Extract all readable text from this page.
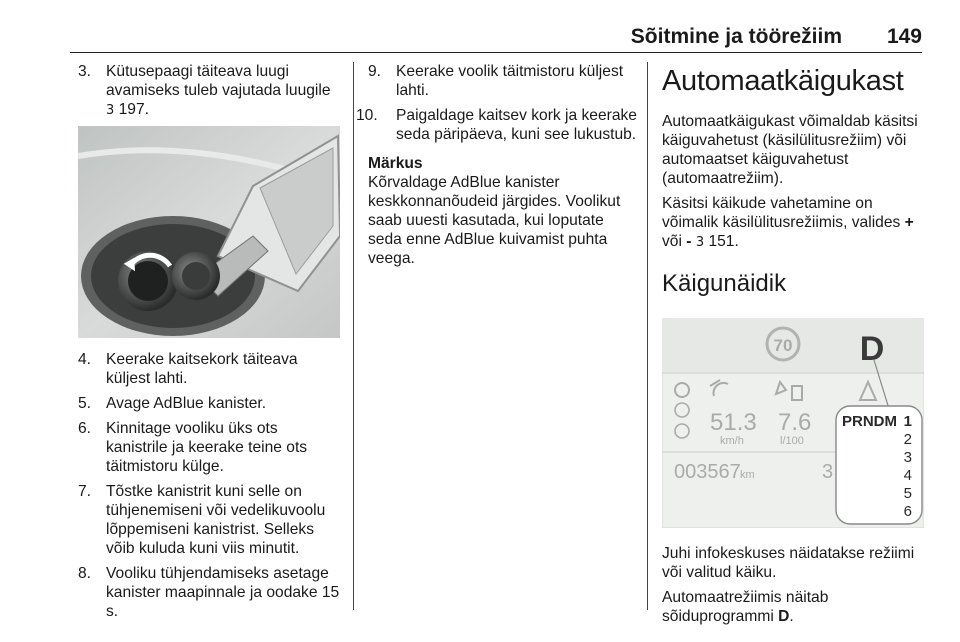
Sõitmine ja töörežiim 149
3. Kütusepaagi täiteava luugi avamiseks tuleb vajutada luugile
3 197.
4. Keerake kaitsekork täiteava küljest lahti.
5. Avage AdBlue kanister.
6. Kinnitage vooliku üks ots kanistrile ja keerake teine ots täitmistoru külge.
7. Tõstke kanistrit kuni selle on tühjenemiseni või vedelikuvoolu lõppemiseni kanistrist. Selleks võib kuluda kuni viis minutit.
8. Vooliku tühjendamiseks asetage kanister maapinnale ja oodake 15 s.
9. Keerake voolik täitmistoru küljest lahti.
10. Paigaldage kaitsev kork ja keerake seda päripäeva, kuni see lukustub.

Märkus

Kõrvaldage AdBlue kanister keskkonnanõudeid järgides. Voolikut saab uuesti kasutada, kui loputate seda enne AdBlue kuivamist puhta veega.

Automaatkäigukast

Automaatkäigukast võimaldab käsitsi käiguvahetust (käsilülitusrežiim) või automaatset käiguvahetust (automaatrežiim).

Käsitsi käikude vahetamine on võimalik käsilülitusrežiimis, valides +
või - 3 151.

Käigunäidik
70 D
51.3
km/h
7.6
l/100
003567 km	3
PRNDM 1
2
3
4
5
6

Juhi infokeskuses näidatakse režiimi või valitud käiku.

Automaatrežiimis näitab sõiduprogrammi D.
